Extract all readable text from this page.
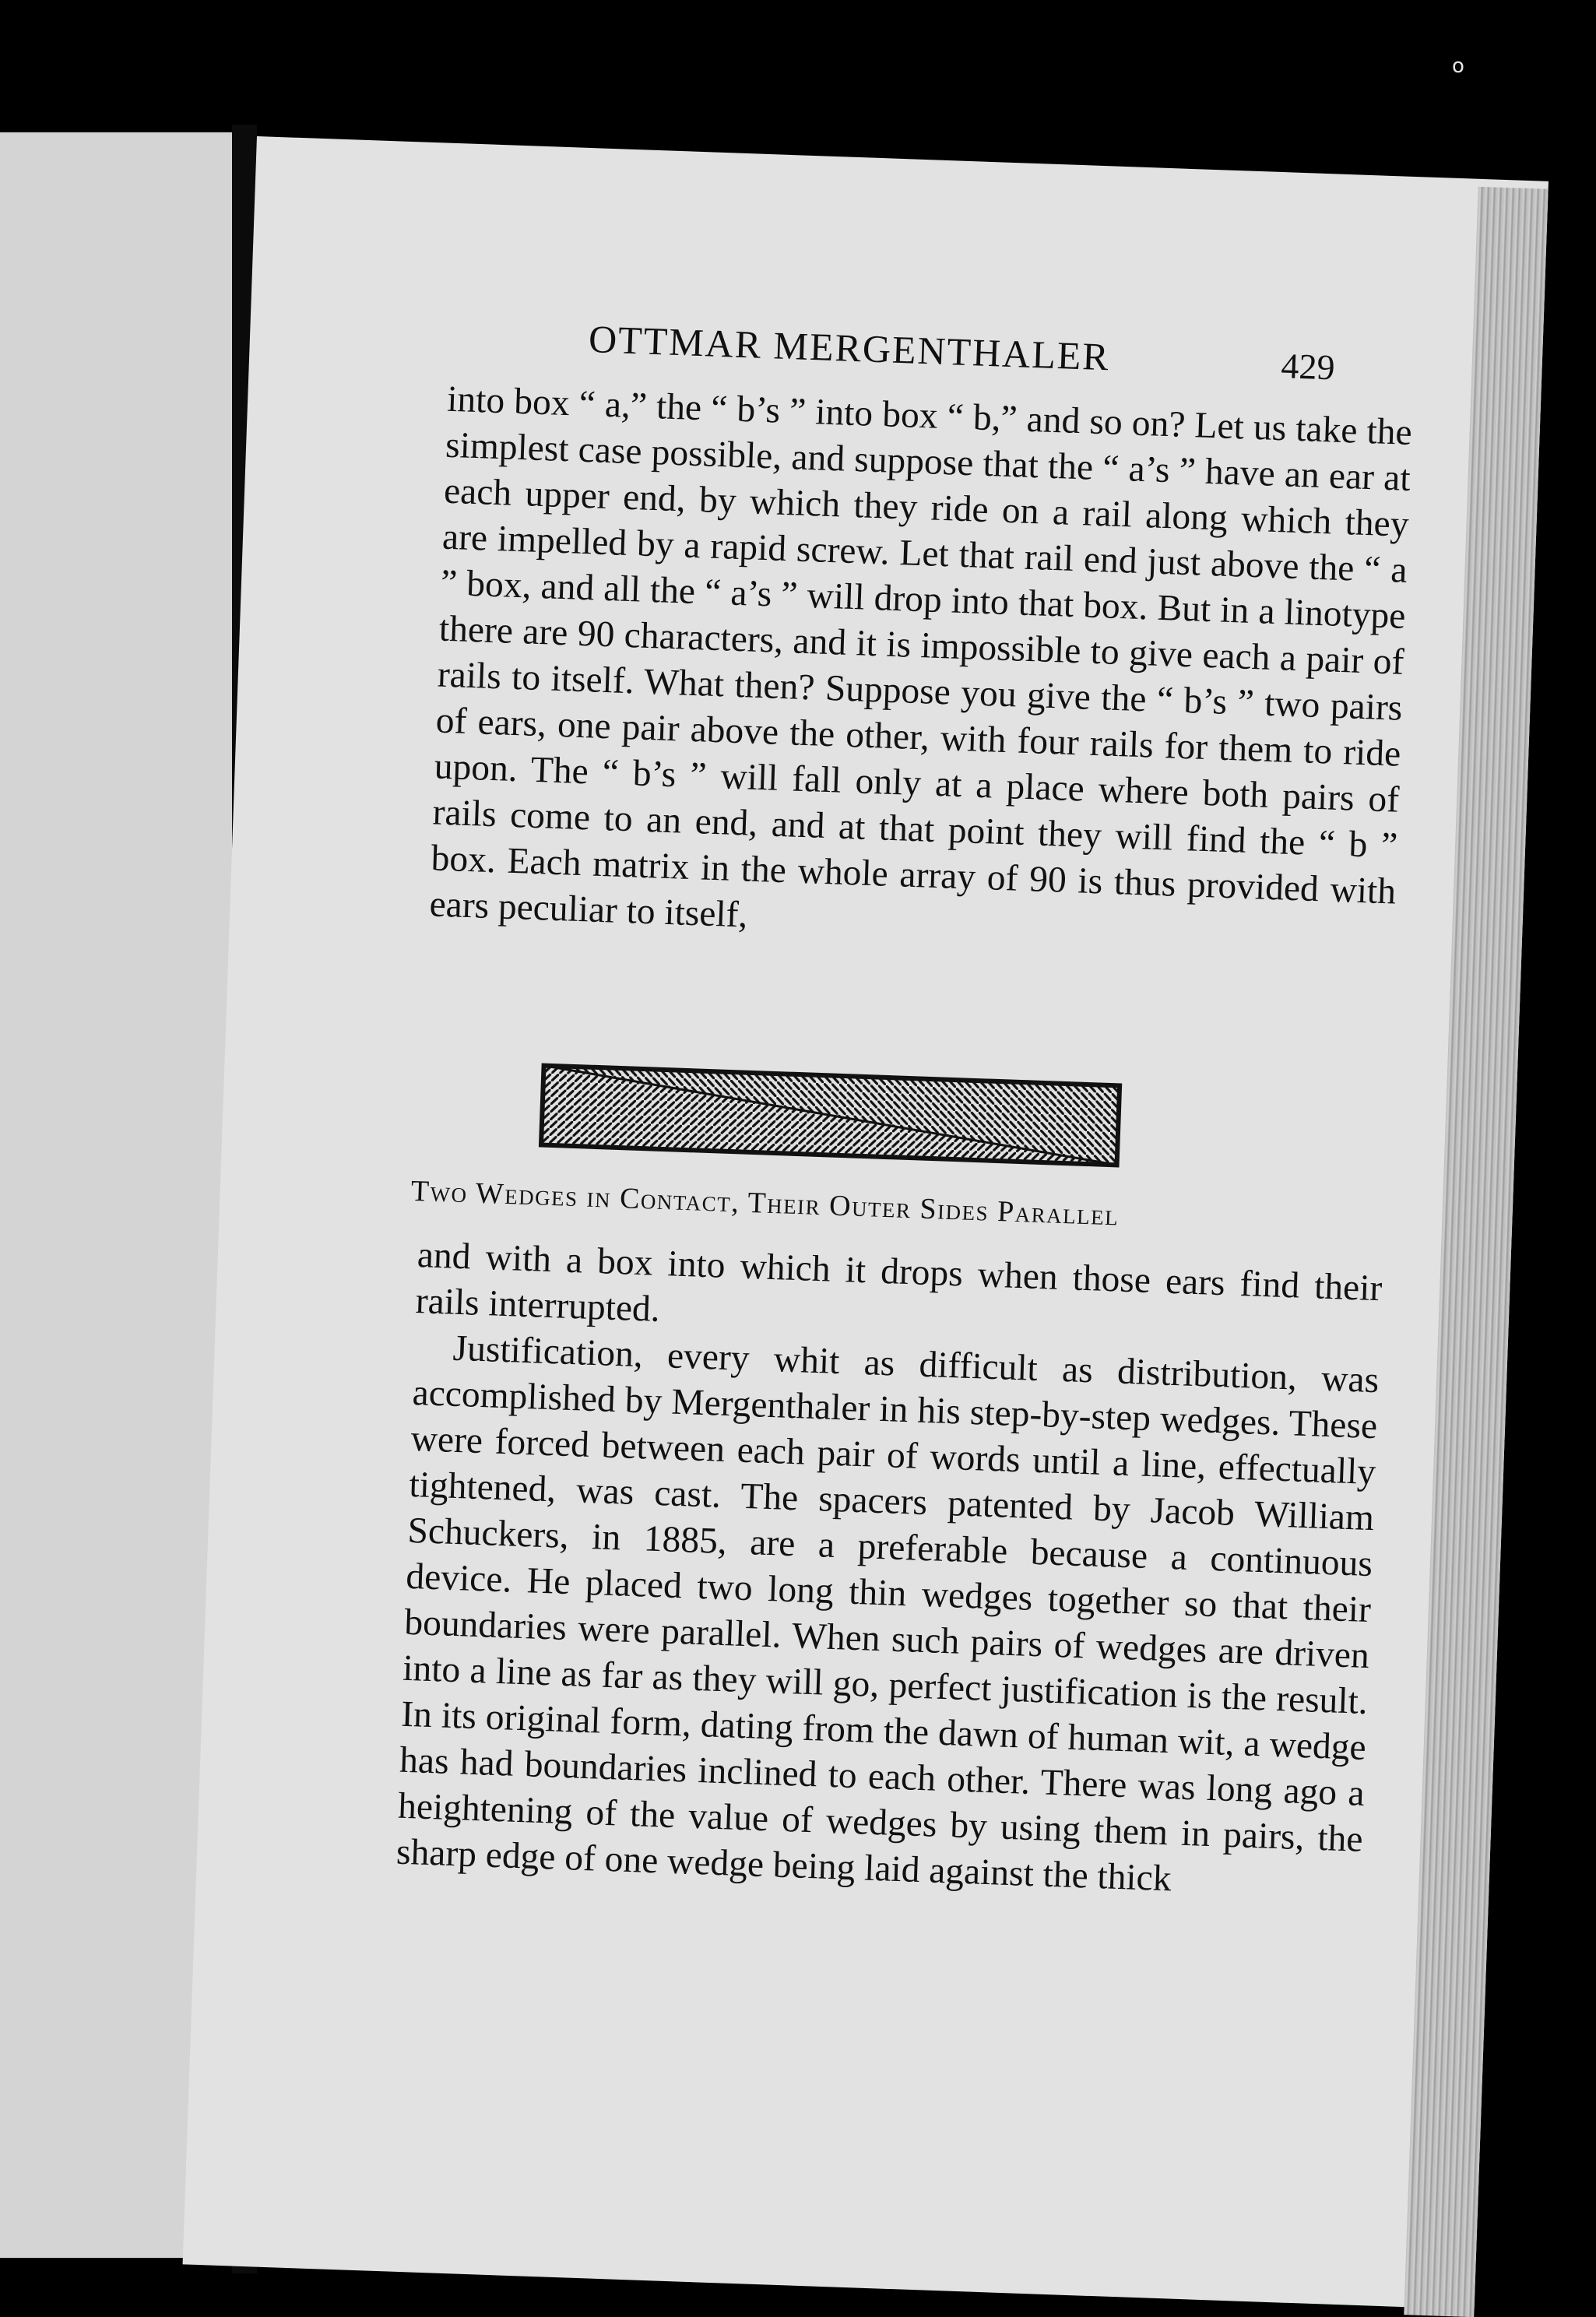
OTTMAR MERGENTHALER	429

into box “ a,” the “ b’s ” into box “ b,” and so on? Let us take the simplest case possible, and suppose that the “ a’s ” have an ear at each upper end, by which they ride on a rail along which they are impelled by a rapid screw. Let that rail end just above the “ a ” box, and all the “ a’s ” will drop into that box. But in a linotype there are 90 characters, and it is impossible to give each a pair of rails to itself. What then? Suppose you give the “ b’s ” two pairs of ears, one pair above the other, with four rails for them to ride upon. The “ b’s ” will fall only at a place where both pairs of rails come to an end, and at that point they will find the “ b ” box. Each matrix in the whole array of 90 is thus provided with ears peculiar to itself,

Two Wedges in Contact, Their Outer Sides Parallel

and with a box into which it drops when those ears find their rails interrupted.

Justification, every whit as difficult as distribution, was accomplished by Mergenthaler in his step-by-step wedges. These were forced between each pair of words until a line, effectually tightened, was cast. The spacers patented by Jacob William Schuckers, in 1885, are a preferable because a continuous device. He placed two long thin wedges together so that their boundaries were parallel. When such pairs of wedges are driven into a line as far as they will go, perfect justification is the result. In its original form, dating from the dawn of human wit, a wedge has had boundaries inclined to each other. There was long ago a heightening of the value of wedges by using them in pairs, the sharp edge of one wedge being laid against the thick

o
